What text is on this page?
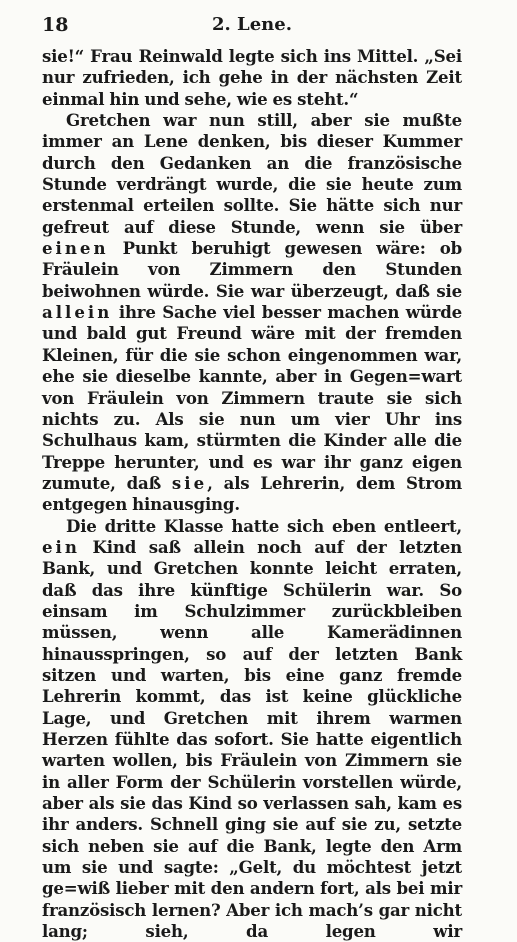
18	2. Lene.

sie!“ Frau Reinwald legte sich ins Mittel. „Sei nur zufrieden, ich gehe in der nächsten Zeit einmal hin und sehe, wie es steht.“

Gretchen war nun still, aber sie mußte immer an Lene denken, bis dieser Kummer durch den Gedanken an die französische Stunde verdrängt wurde, die sie heute zum erstenmal erteilen sollte. Sie hätte sich nur gefreut auf diese Stunde, wenn sie über einen Punkt beruhigt gewesen wäre: ob Fräulein von Zimmern den Stunden beiwohnen würde. Sie war überzeugt, daß sie allein ihre Sache viel besser machen würde und bald gut Freund wäre mit der fremden Kleinen, für die sie schon eingenommen war, ehe sie dieselbe kannte, aber in Gegen=wart von Fräulein von Zimmern traute sie sich nichts zu. Als sie nun um vier Uhr ins Schulhaus kam, stürmten die Kinder alle die Treppe herunter, und es war ihr ganz eigen zumute, daß sie, als Lehrerin, dem Strom entgegen hinausging.

Die dritte Klasse hatte sich eben entleert, ein Kind saß allein noch auf der letzten Bank, und Gretchen konnte leicht erraten, daß das ihre künftige Schülerin war. So einsam im Schulzimmer zurückbleiben müssen, wenn alle Kamerädinnen hinausspringen, so auf der letzten Bank sitzen und warten, bis eine ganz fremde Lehrerin kommt, das ist keine glückliche Lage, und Gretchen mit ihrem warmen Herzen fühlte das sofort. Sie hatte eigentlich warten wollen, bis Fräulein von Zimmern sie in aller Form der Schülerin vorstellen würde, aber als sie das Kind so verlassen sah, kam es ihr anders. Schnell ging sie auf sie zu, setzte sich neben sie auf die Bank, legte den Arm um sie und sagte: „Gelt, du möchtest jetzt ge=wiß lieber mit den andern fort, als bei mir französisch lernen? Aber ich mach’s gar nicht lang; sieh, da legen wir
